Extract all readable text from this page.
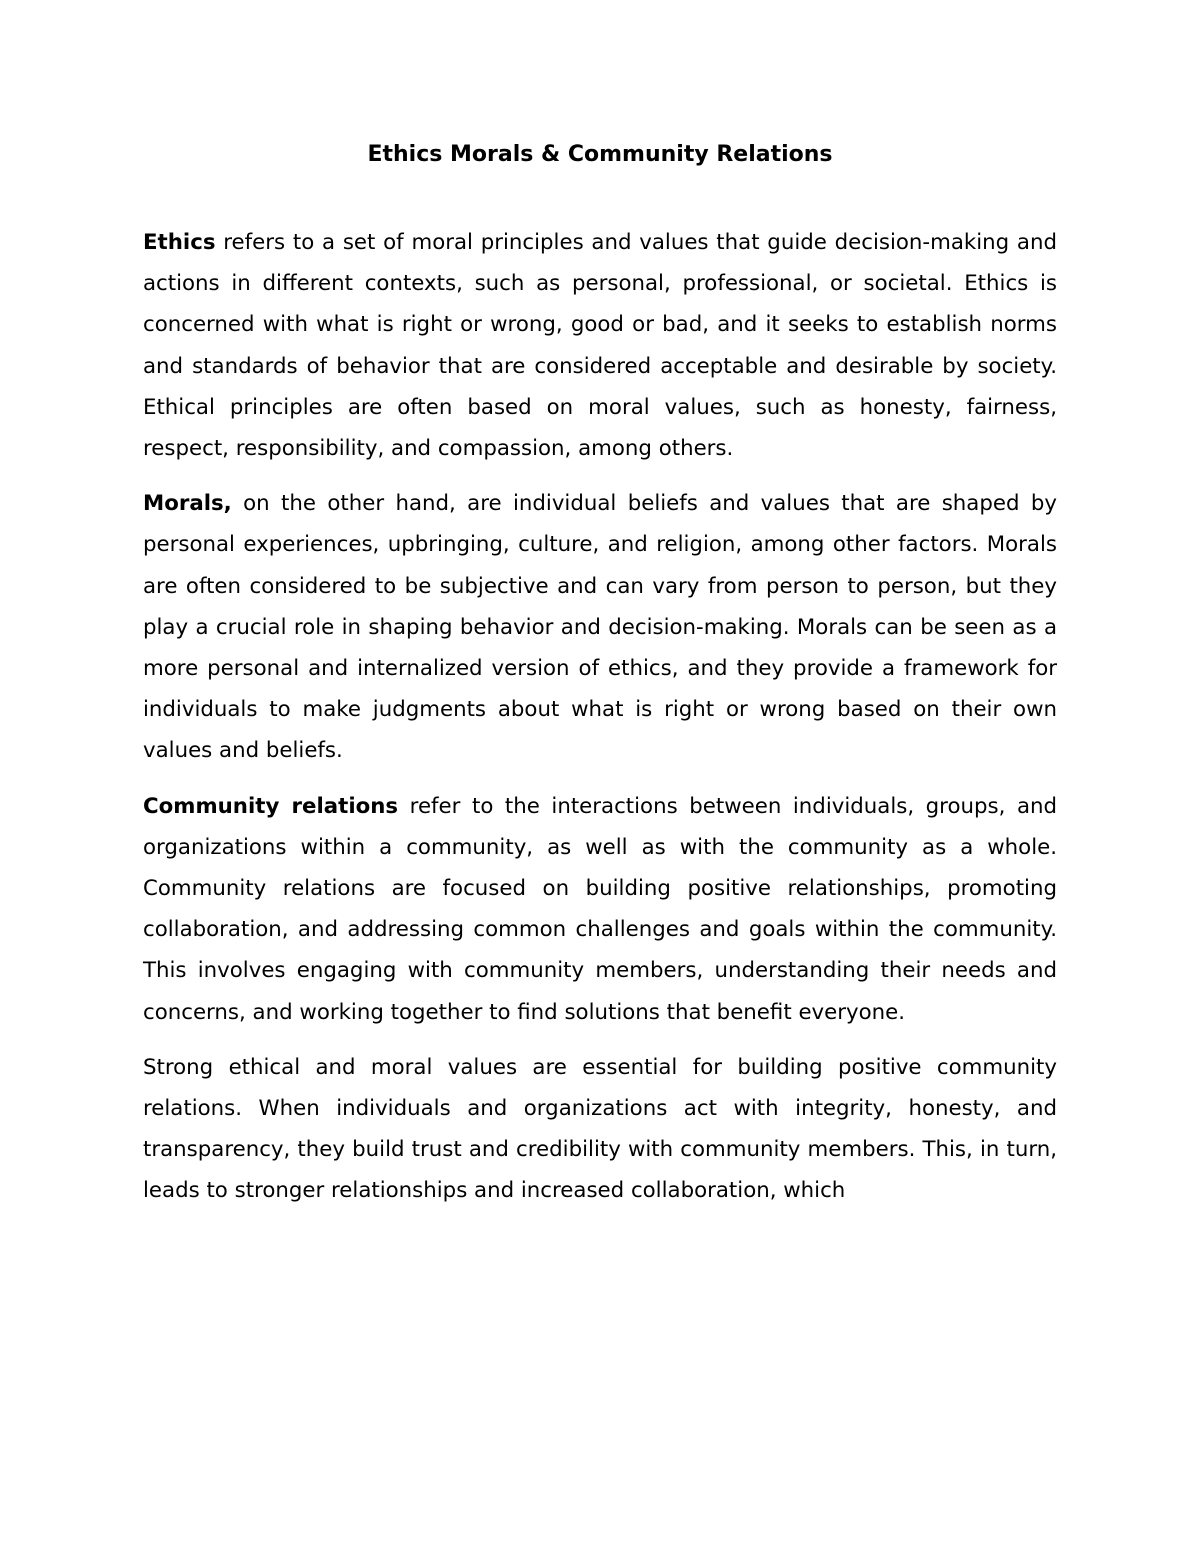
Ethics Morals & Community Relations

Ethics refers to a set of moral principles and values that guide decision-making and actions in different contexts, such as personal, professional, or societal. Ethics is concerned with what is right or wrong, good or bad, and it seeks to establish norms and standards of behavior that are considered acceptable and desirable by society. Ethical principles are often based on moral values, such as honesty, fairness, respect, responsibility, and compassion, among others.

Morals, on the other hand, are individual beliefs and values that are shaped by personal experiences, upbringing, culture, and religion, among other factors. Morals are often considered to be subjective and can vary from person to person, but they play a crucial role in shaping behavior and decision-making. Morals can be seen as a more personal and internalized version of ethics, and they provide a framework for individuals to make judgments about what is right or wrong based on their own values and beliefs.

Community relations refer to the interactions between individuals, groups, and organizations within a community, as well as with the community as a whole. Community relations are focused on building positive relationships, promoting collaboration, and addressing common challenges and goals within the community. This involves engaging with community members, understanding their needs and concerns, and working together to find solutions that benefit everyone.

Strong ethical and moral values are essential for building positive community relations. When individuals and organizations act with integrity, honesty, and transparency, they build trust and credibility with community members. This, in turn, leads to stronger relationships and increased collaboration, which
